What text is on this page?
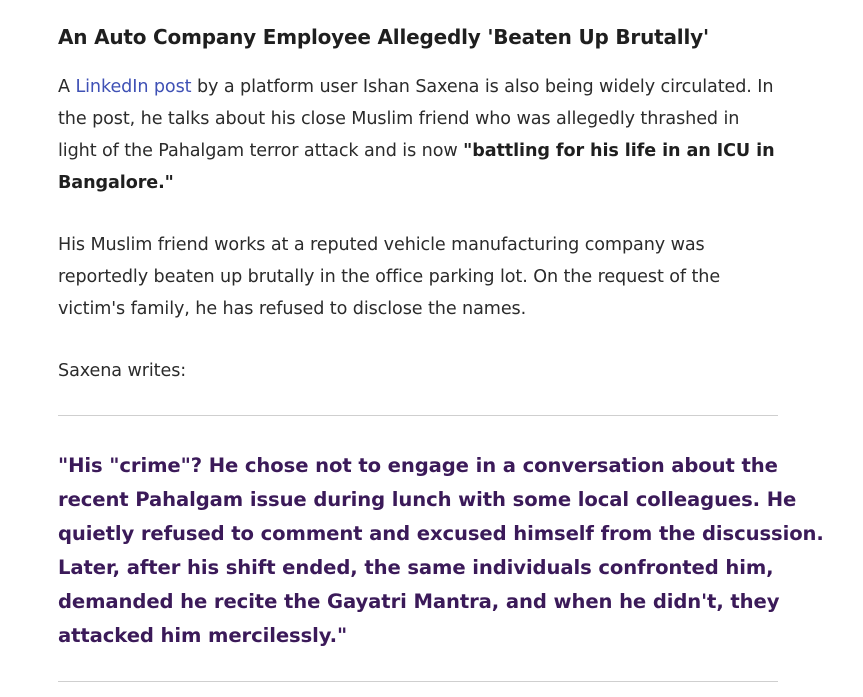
An Auto Company Employee Allegedly 'Beaten Up Brutally'

A LinkedIn post by a platform user Ishan Saxena is also being widely circulated. In
the post, he talks about his close Muslim friend who was allegedly thrashed in
light of the Pahalgam terror attack and is now "battling for his life in an ICU in
Bangalore."

His Muslim friend works at a reputed vehicle manufacturing company was
reportedly beaten up brutally in the office parking lot. On the request of the
victim's family, he has refused to disclose the names.

Saxena writes:

"His "crime"? He chose not to engage in a conversation about the
recent Pahalgam issue during lunch with some local colleagues. He
quietly refused to comment and excused himself from the discussion.
Later, after his shift ended, the same individuals confronted him,
demanded he recite the Gayatri Mantra, and when he didn't, they
attacked him mercilessly."
